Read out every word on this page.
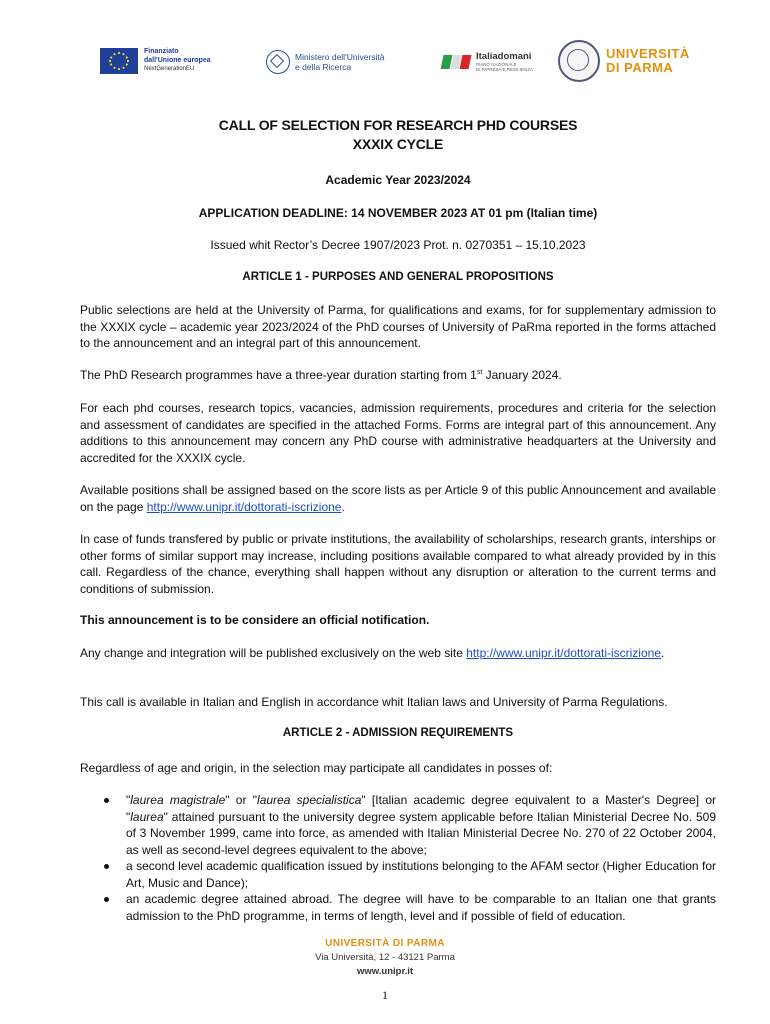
Finanziato
dall'Unione europea
NextGenerationEU
Ministero dell'Università
e della Ricerca
Italiadomani
PIANO NAZIONALE
DI RIPRESA E RESILIENZA
UNIVERSITÀ
DI PARMA
CALL OF SELECTION FOR RESEARCH PHD COURSES
XXXIX CYCLE
Academic Year 2023/2024
APPLICATION DEADLINE: 14 NOVEMBER 2023 AT 01 pm (Italian time)
Issued whit Rector’s Decree 1907/2023 Prot. n. 0270351 – 15.10.2023
ARTICLE 1 - PURPOSES AND GENERAL PROPOSITIONS
Public selections are held at the University of Parma, for qualifications and exams, for for supplementary admission to the XXXIX cycle – academic year 2023/2024 of the PhD courses of University of PaRma reported in the forms attached to the announcement and an integral part of this announcement.
The PhD Research programmes have a three-year duration starting from 1st January 2024.
For each phd courses, research topics, vacancies, admission requirements, procedures and criteria for the selection and assessment of candidates are specified in the attached Forms. Forms are integral part of this announcement. Any additions to this announcement may concern any PhD course with administrative headquarters at the University and accredited for the XXXIX cycle.
Available positions shall be assigned based on the score lists as per Article 9 of this public Announcement and available on the page http://www.unipr.it/dottorati-iscrizione.
In case of funds transfered by public or private institutions, the availability of scholarships, research grants, interships or other forms of similar support may increase, including positions available compared to what already provided by in this call. Regardless of the chance, everything shall happen without any disruption or alteration to the current terms and conditions of submission.
This announcement is to be considere an official notification.
Any change and integration will be published exclusively on the web site http://www.unipr.it/dottorati-iscrizione.
This call is available in Italian and English in accordance whit Italian laws and University of Parma Regulations.
ARTICLE 2 - ADMISSION REQUIREMENTS
Regardless of age and origin, in the selection may participate all candidates in posses of:
"laurea magistrale" or "laurea specialistica" [Italian academic degree equivalent to a Master's Degree] or "laurea" attained pursuant to the university degree system applicable before Italian Ministerial Decree No. 509 of 3 November 1999, came into force, as amended with Italian Ministerial Decree No. 270 of 22 October 2004, as well as second-level degrees equivalent to the above;
a second level academic qualification issued by institutions belonging to the AFAM sector (Higher Education for Art, Music and Dance);
an academic degree attained abroad. The degree will have to be comparable to an Italian one that grants admission to the PhD programme, in terms of length, level and if possible of field of education.
UNIVERSITÀ DI PARMA
Via Università, 12 - 43121 Parma
www.unipr.it
1
